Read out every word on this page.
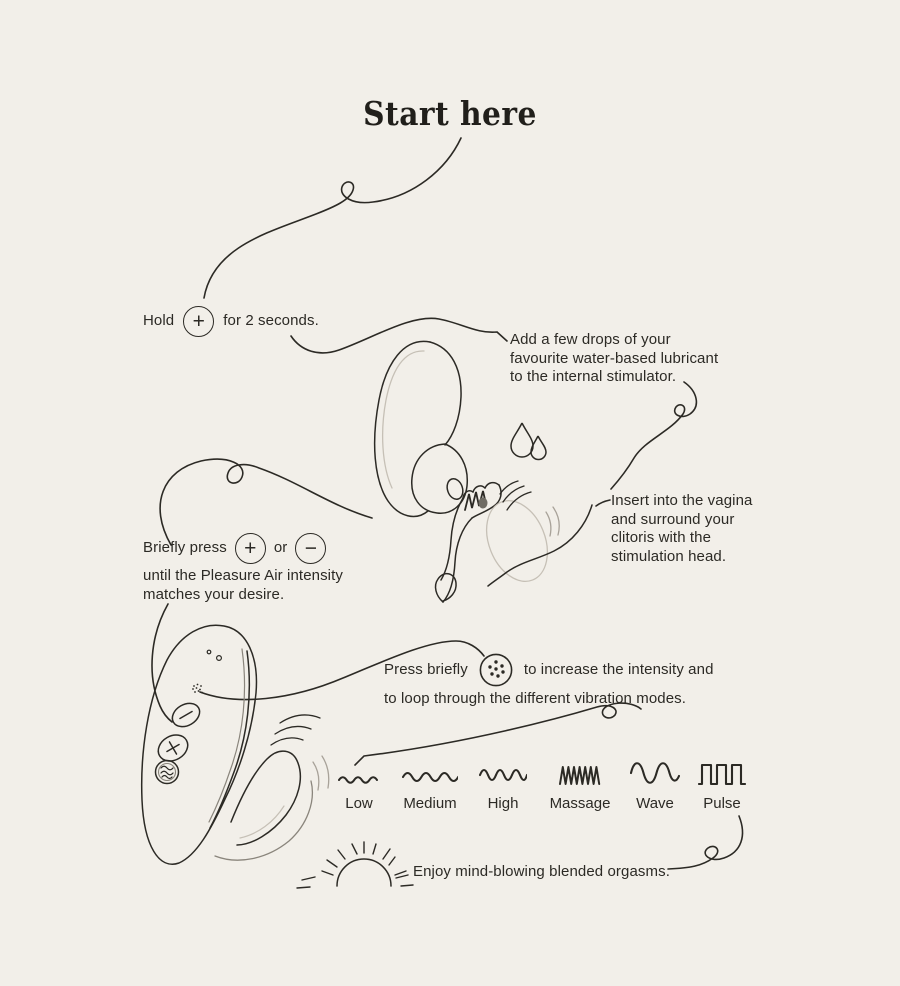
Start here
Hold + for 2 seconds.
Add a few drops of your
favourite water-based lubricant
to the internal stimulator.
Insert into the vagina
and surround your
clitoris with the
stimulation head.
Briefly press + or −
until the Pleasure Air intensity
matches your desire.
Press briefly	to increase the intensity and
to loop through the different vibration modes.
Low	Medium	High	Massage	Wave	Pulse
Enjoy mind-blowing blended orgasms.
